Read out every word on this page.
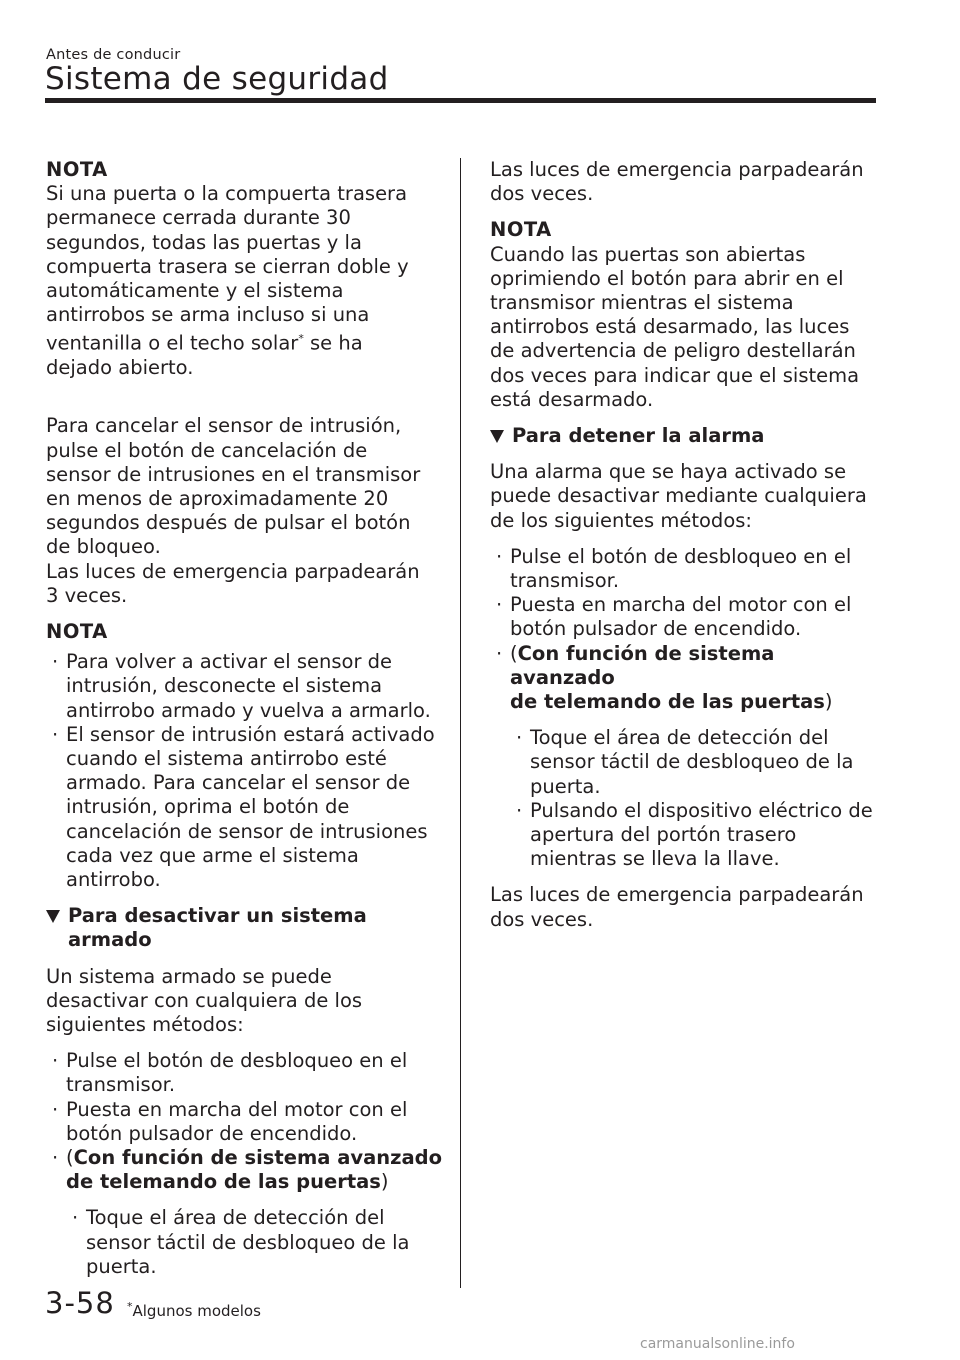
Antes de conducir
Sistema de seguridad
NOTA
Si una puerta o la compuerta trasera
permanece cerrada durante 30
segundos, todas las puertas y la
compuerta trasera se cierran doble y
automáticamente y el sistema
antirrobos se arma incluso si una
ventanilla o el techo solar* se ha
dejado abierto.
Para cancelar el sensor de intrusión,
pulse el botón de cancelación de
sensor de intrusiones en el transmisor
en menos de aproximadamente 20
segundos después de pulsar el botón
de bloqueo.
Las luces de emergencia parpadearán
3 veces.
NOTA
· Para volver a activar el sensor de
intrusión, desconecte el sistema
antirrobo armado y vuelva a armarlo.
· El sensor de intrusión estará activado
cuando el sistema antirrobo esté
armado. Para cancelar el sensor de
intrusión, oprima el botón de
cancelación de sensor de intrusiones
cada vez que arme el sistema
antirrobo.
Para desactivar un sistema armado
Un sistema armado se puede
desactivar con cualquiera de los
siguientes métodos:
· Pulse el botón de desbloqueo en el
transmisor.
· Puesta en marcha del motor con el
botón pulsador de encendido.
· (Con función de sistema avanzado
de telemando de las puertas)
· Toque el área de detección del
sensor táctil de desbloqueo de la
puerta.
Las luces de emergencia parpadearán
dos veces.
NOTA
Cuando las puertas son abiertas
oprimiendo el botón para abrir en el
transmisor mientras el sistema
antirrobos está desarmado, las luces
de advertencia de peligro destellarán
dos veces para indicar que el sistema
está desarmado.
Para detener la alarma
Una alarma que se haya activado se
puede desactivar mediante cualquiera
de los siguientes métodos:
· Pulse el botón de desbloqueo en el
transmisor.
· Puesta en marcha del motor con el
botón pulsador de encendido.
· (Con función de sistema avanzado
de telemando de las puertas)
· Toque el área de detección del
sensor táctil de desbloqueo de la
puerta.
· Pulsando el dispositivo eléctrico de
apertura del portón trasero
mientras se lleva la llave.
Las luces de emergencia parpadearán
dos veces.
3-58 *Algunos modelos
carmanualsonline.info
